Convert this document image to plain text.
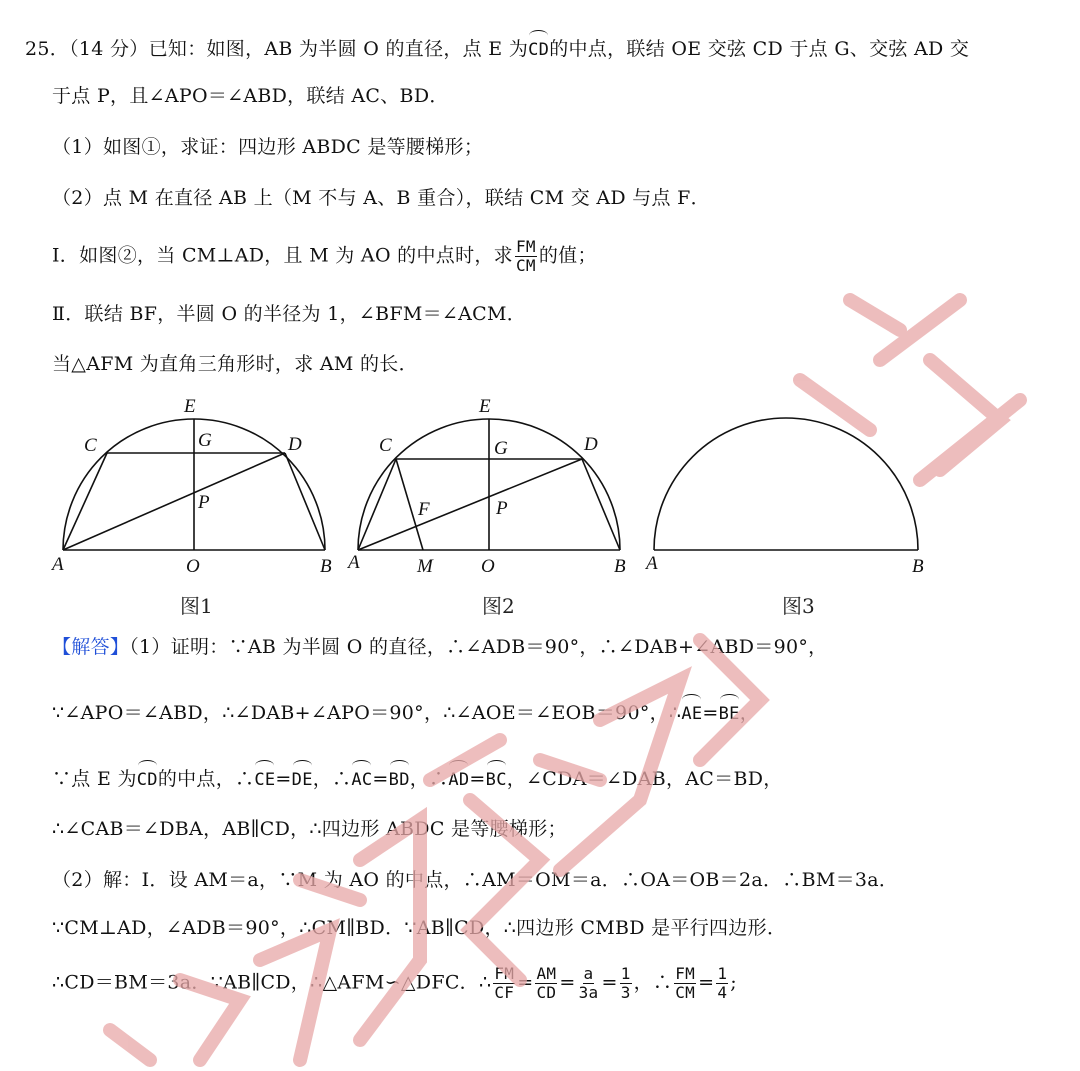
25．（14 分）已知：如图，AB 为半圆 O 的直径，点 E 为CD的中点，联结 OE 交弦 CD 于点 G、交弦 AD 交
于点 P，且∠APO＝∠ABD，联结 AC、BD．
（1）如图①，求证：四边形 ABDC 是等腰梯形；
（2）点 M 在直径 AB 上（M 不与 A、B 重合），联结 CM 交 AD 与点 F．
Ⅰ．如图②，当 CM⊥AD，且 M 为 AO 的中点时，求 $\frac{FM}{CM}$ 的值；
Ⅱ．联结 BF，半圆 O 的半径为 1，∠BFM＝∠ACM．
当△AFM 为直角三角形时，求 AM 的长．
E
C	G	D
P
A	O	B
E
C	G	D
F	P
A	M	O	B A	B
图1	图2	图3
【解答】（1）证明：∵AB 为半圆 O 的直径，∴∠ADB＝90°，∴∠DAB+∠ABD＝90°，
∵∠APO＝∠ABD，∴∠DAB+∠APO＝90°，∴∠AOE＝∠EOB＝90°，∴AE=BE，
∵点 E 为CD的中点，∴CE=DE，∴AC=BD，∴AD=BC，∠CDA＝∠DAB，AC＝BD，
∴∠CAB＝∠DBA，AB∥CD，∴四边形 ABDC 是等腰梯形；
（2）解：Ⅰ．设 AM＝a，∵M 为 AO 的中点，∴AM＝OM＝a．∴OA＝OB＝2a．∴BM＝3a．
∵CM⊥AD，∠ADB＝90°，∴CM∥BD．∵AB∥CD，∴四边形 CMBD 是平行四边形．
∴CD＝BM＝3a．∵AB∥CD，∴△AFM∽△DFC．∴ $\frac{FM}{CF} = \frac{AM}{CD} = \frac{a}{3a} = \frac{1}{3}$ ，∴ $\frac{FM}{CM} = \frac{1}{4}$ ;
